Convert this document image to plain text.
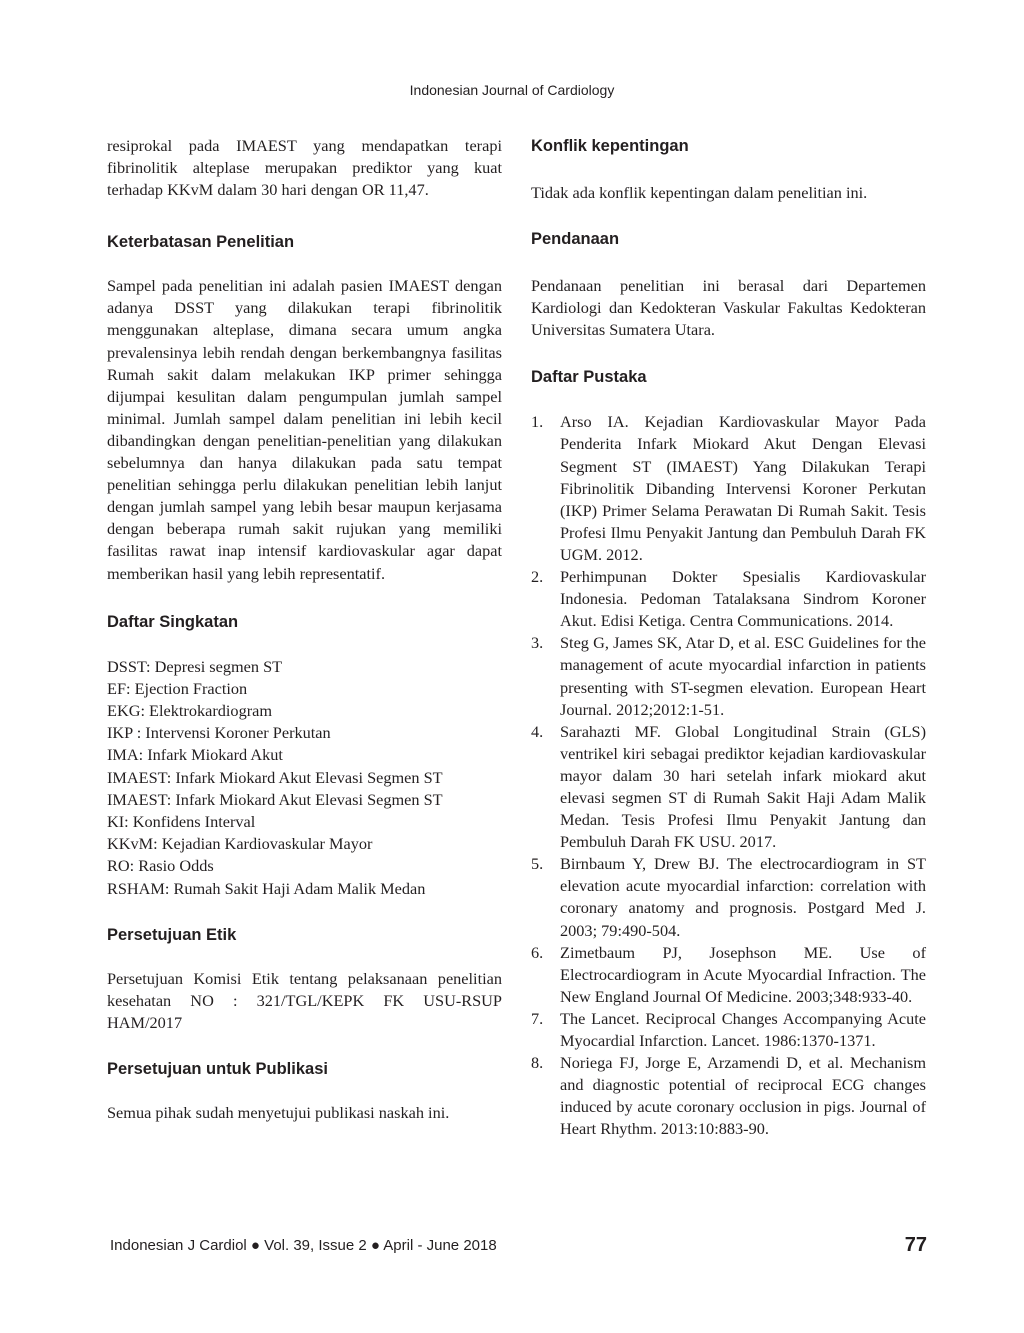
Indonesian Journal of Cardiology

resiprokal pada IMAEST yang mendapatkan terapi fibrinolitik alteplase merupakan prediktor yang kuat terhadap KKvM dalam 30 hari dengan OR 11,47.

Keterbatasan Penelitian

Sampel pada penelitian ini adalah pasien IMAEST dengan adanya DSST yang dilakukan terapi fibrinolitik menggunakan alteplase, dimana secara umum angka prevalensinya lebih rendah dengan berkembangnya fasilitas Rumah sakit dalam melakukan IKP primer sehingga dijumpai kesulitan dalam pengumpulan jumlah sampel minimal. Jumlah sampel dalam penelitian ini lebih kecil dibandingkan dengan penelitian-penelitian yang dilakukan sebelumnya dan hanya dilakukan pada satu tempat penelitian sehingga perlu dilakukan penelitian lebih lanjut dengan jumlah sampel yang lebih besar maupun kerjasama dengan beberapa rumah sakit rujukan yang memiliki fasilitas rawat inap intensif kardiovaskular agar dapat memberikan hasil yang lebih representatif.

Daftar Singkatan
DSST: Depresi segmen ST
EF: Ejection Fraction
EKG: Elektrokardiogram
IKP : Intervensi Koroner Perkutan
IMA: Infark Miokard Akut
IMAEST: Infark Miokard Akut Elevasi Segmen ST
IMAEST: Infark Miokard Akut Elevasi Segmen ST
KI: Konfidens Interval
KKvM: Kejadian Kardiovaskular Mayor
RO: Rasio Odds
RSHAM: Rumah Sakit Haji Adam Malik Medan
Persetujuan Etik

Persetujuan Komisi Etik tentang pelaksanaan penelitian kesehatan NO : 321/TGL/KEPK FK USU-RSUP HAM/2017

Persetujuan untuk Publikasi

Semua pihak sudah menyetujui publikasi naskah ini.

Konflik kepentingan

Tidak ada konflik kepentingan dalam penelitian ini.

Pendanaan

Pendanaan penelitian ini berasal dari Departemen Kardiologi dan Kedokteran Vaskular Fakultas Kedokteran Universitas Sumatera Utara.

Daftar Pustaka
1. Arso IA. Kejadian Kardiovaskular Mayor Pada Penderita Infark Miokard Akut Dengan Elevasi Segment ST (IMAEST) Yang Dilakukan Terapi Fibrinolitik Dibanding Intervensi Koroner Perkutan (IKP) Primer Selama Perawatan Di Rumah Sakit. Tesis Profesi Ilmu Penyakit Jantung dan Pembuluh Darah FK UGM. 2012.
2. Perhimpunan Dokter Spesialis Kardiovaskular Indonesia. Pedoman Tatalaksana Sindrom Koroner Akut. Edisi Ketiga. Centra Communications. 2014.
3. Steg G, James SK, Atar D, et al. ESC Guidelines for the management of acute myocardial infarction in patients presenting with ST-segmen elevation. European Heart Journal. 2012;2012:1-51.
4. Sarahazti MF. Global Longitudinal Strain (GLS) ventrikel kiri sebagai prediktor kejadian kardiovaskular mayor dalam 30 hari setelah infark miokard akut elevasi segmen ST di Rumah Sakit Haji Adam Malik Medan. Tesis Profesi Ilmu Penyakit Jantung dan Pembuluh Darah FK USU. 2017.
5. Birnbaum Y, Drew BJ. The electrocardiogram in ST elevation acute myocardial infarction: correlation with coronary anatomy and prognosis. Postgard Med J. 2003; 79:490-504.
6. Zimetbaum PJ, Josephson ME. Use of Electrocardiogram in Acute Myocardial Infraction. The New England Journal Of Medicine. 2003;348:933-40.
7. The Lancet. Reciprocal Changes Accompanying Acute Myocardial Infarction. Lancet. 1986:1370-1371.
8. Noriega FJ, Jorge E, Arzamendi D, et al. Mechanism and diagnostic potential of reciprocal ECG changes induced by acute coronary occlusion in pigs. Journal of Heart Rhythm. 2013:10:883-90.
Indonesian J Cardiol ● Vol. 39, Issue 2 ● April - June 2018	77
